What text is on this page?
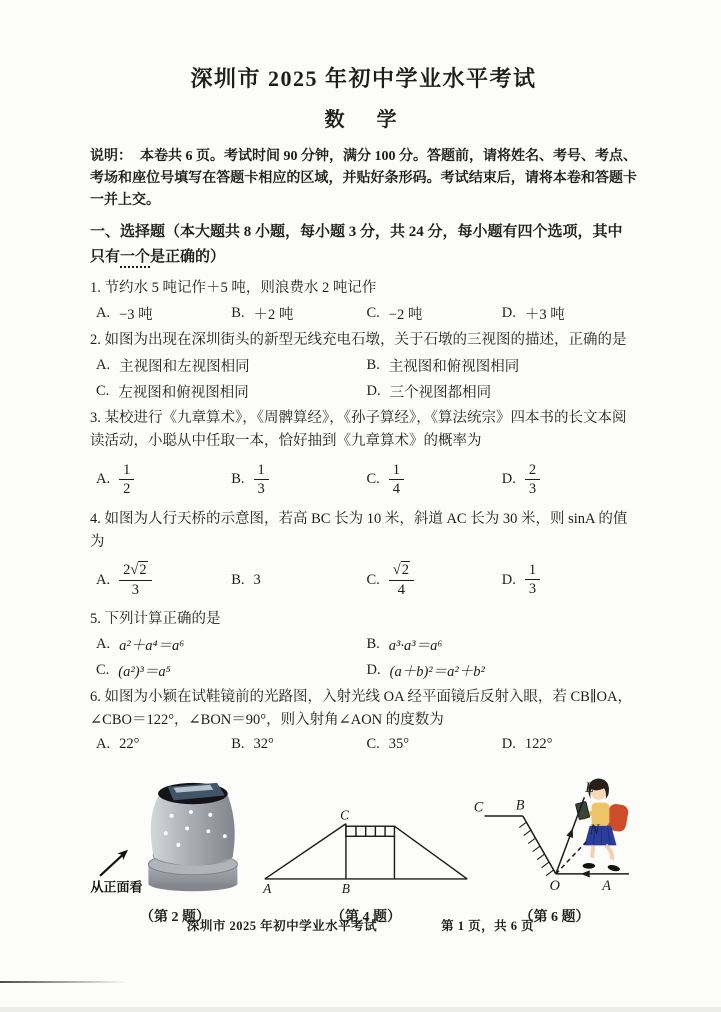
深圳市 2025 年初中学业水平考试
数　学

说明： 本卷共 6 页。考试时间 90 分钟，满分 100 分。答题前，请将姓名、考号、考点、考场和座位号填写在答题卡相应的区域，并贴好条形码。考试结束后，请将本卷和答题卡一并上交。

一、选择题（本大题共 8 小题，每小题 3 分，共 24 分，每小题有四个选项，其中只有一个是正确的）

1. 节约水 5 吨记作＋5 吨，则浪费水 2 吨记作

A. −3 吨	B. ＋2 吨	C. −2 吨	D. ＋3 吨

2. 如图为出现在深圳街头的新型无线充电石墩，关于石墩的三视图的描述，正确的是

A. 主视图和左视图相同	B. 主视图和俯视图相同
C. 左视图和俯视图相同	D. 三个视图都相同

3. 某校进行《九章算术》，《周髀算经》，《孙子算经》，《算法统宗》四本书的长文本阅读活动，小聪从中任取一本，恰好抽到《九章算术》的概率为

A. $\frac{1}{2}$	B. $\frac{1}{3}$	C. $\frac{1}{4}$	D. $\frac{2}{3}$

4. 如图为人行天桥的示意图，若高 BC 长为 10 米，斜道 AC 长为 30 米，则 sinA 的值为

A. $\frac{2 √ 2}{3}$	B. 3	C. $\frac{√ 2}{4}$	D. $\frac{1}{3}$

5. 下列计算正确的是

A. a²＋a⁴＝a⁶	B. a³·a³＝a⁶
C. (a²)³＝a⁵	D. (a＋b)²＝a²＋b²

6. 如图为小颖在试鞋镜前的光路图，入射光线 OA 经平面镜后反射入眼，若 CB∥OA，∠CBO＝122°，∠BON＝90°，则入射角∠AON 的度数为

A. 22°	B. 32°	C. 35°	D. 122°
从正面看
（第 2 题）
C
A	B
（第 4 题）
C B
E
N
O	A
（第 6 题）
深圳市 2025 年初中学业水平考试	第 1 页，共 6 页
